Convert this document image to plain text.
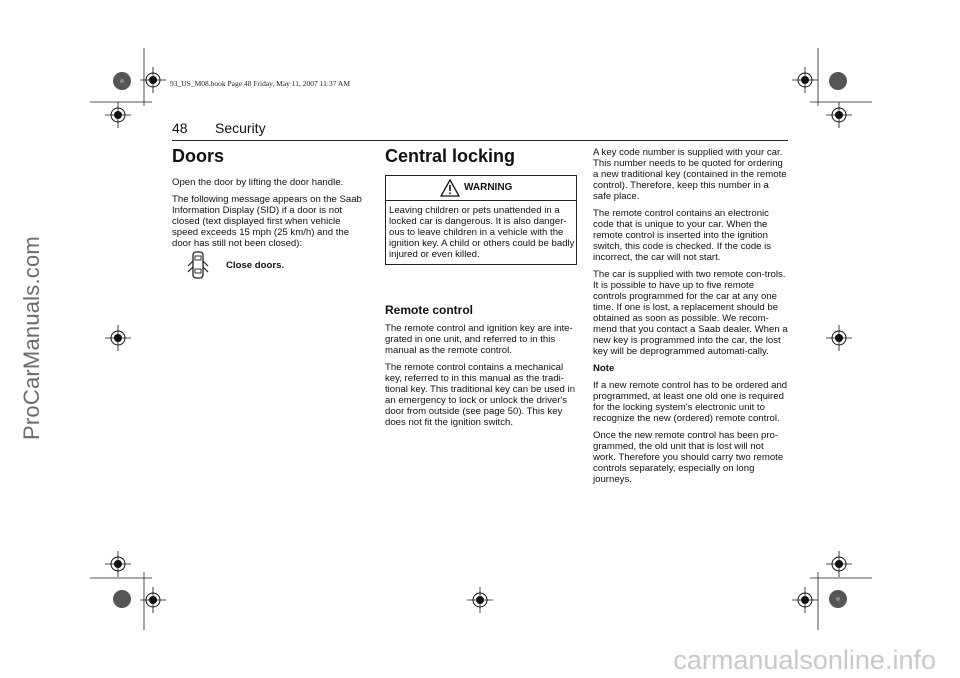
ProCarManuals.com
carmanualsonline.info
93_US_M08.book Page 48 Friday, May 11, 2007 11:37 AM
48 Security
Doors

Open the door by lifting the door handle.

The following message appears on the Saab Information Display (SID) if a door is not closed (text displayed first when vehicle speed exceeds 15 mph (25 km/h) and the door has still not been closed):

Close doors.
Central locking
WARNING
Leaving children or pets unattended in a locked car is dangerous. It is also danger-ous to leave children in a vehicle with the ignition key. A child or others could be badly injured or even killed.
Remote control

The remote control and ignition key are inte-grated in one unit, and referred to in this manual as the remote control.

The remote control contains a mechanical key, referred to in this manual as the tradi-tional key. This traditional key can be used in an emergency to lock or unlock the driver's door from outside (see page 50). This key does not fit the ignition switch.

A key code number is supplied with your car. This number needs to be quoted for ordering a new traditional key (contained in the remote control). Therefore, keep this number in a safe place.

The remote control contains an electronic code that is unique to your car. When the remote control is inserted into the ignition switch, this code is checked. If the code is incorrect, the car will not start.

The car is supplied with two remote con-trols. It is possible to have up to five remote controls programmed for the car at any one time. If one is lost, a replacement should be obtained as soon as possible. We recom-mend that you contact a Saab dealer. When a new key is programmed into the car, the lost key will be deprogrammed automati-cally.

Note

If a new remote control has to be ordered and programmed, at least one old one is required for the locking system's electronic unit to recognize the new (ordered) remote control.

Once the new remote control has been pro-grammed, the old unit that is lost will not work. Therefore you should carry two remote controls separately, especially on long journeys.
